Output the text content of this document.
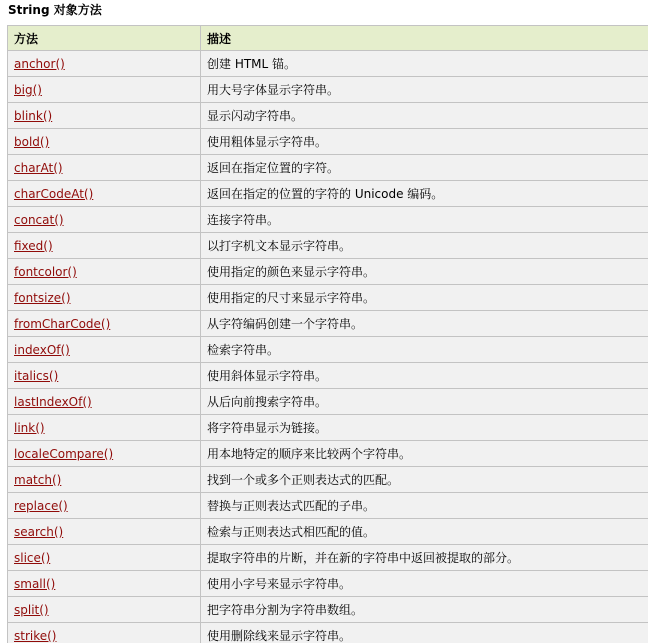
String 对象方法
方法	描述
anchor()	创建 HTML 锚。
big()	用大号字体显示字符串。
blink()	显示闪动字符串。
bold()	使用粗体显示字符串。
charAt()	返回在指定位置的字符。
charCodeAt()	返回在指定的位置的字符的 Unicode 编码。
concat()	连接字符串。
fixed()	以打字机文本显示字符串。
fontcolor()	使用指定的颜色来显示字符串。
fontsize()	使用指定的尺寸来显示字符串。
fromCharCode()	从字符编码创建一个字符串。
indexOf()	检索字符串。
italics()	使用斜体显示字符串。
lastIndexOf()	从后向前搜索字符串。
link()	将字符串显示为链接。
localeCompare()	用本地特定的顺序来比较两个字符串。
match()	找到一个或多个正则表达式的匹配。
replace()	替换与正则表达式匹配的子串。
search()	检索与正则表达式相匹配的值。
slice()	提取字符串的片断，并在新的字符串中返回被提取的部分。
small()	使用小字号来显示字符串。
split()	把字符串分割为字符串数组。
strike()	使用删除线来显示字符串。
